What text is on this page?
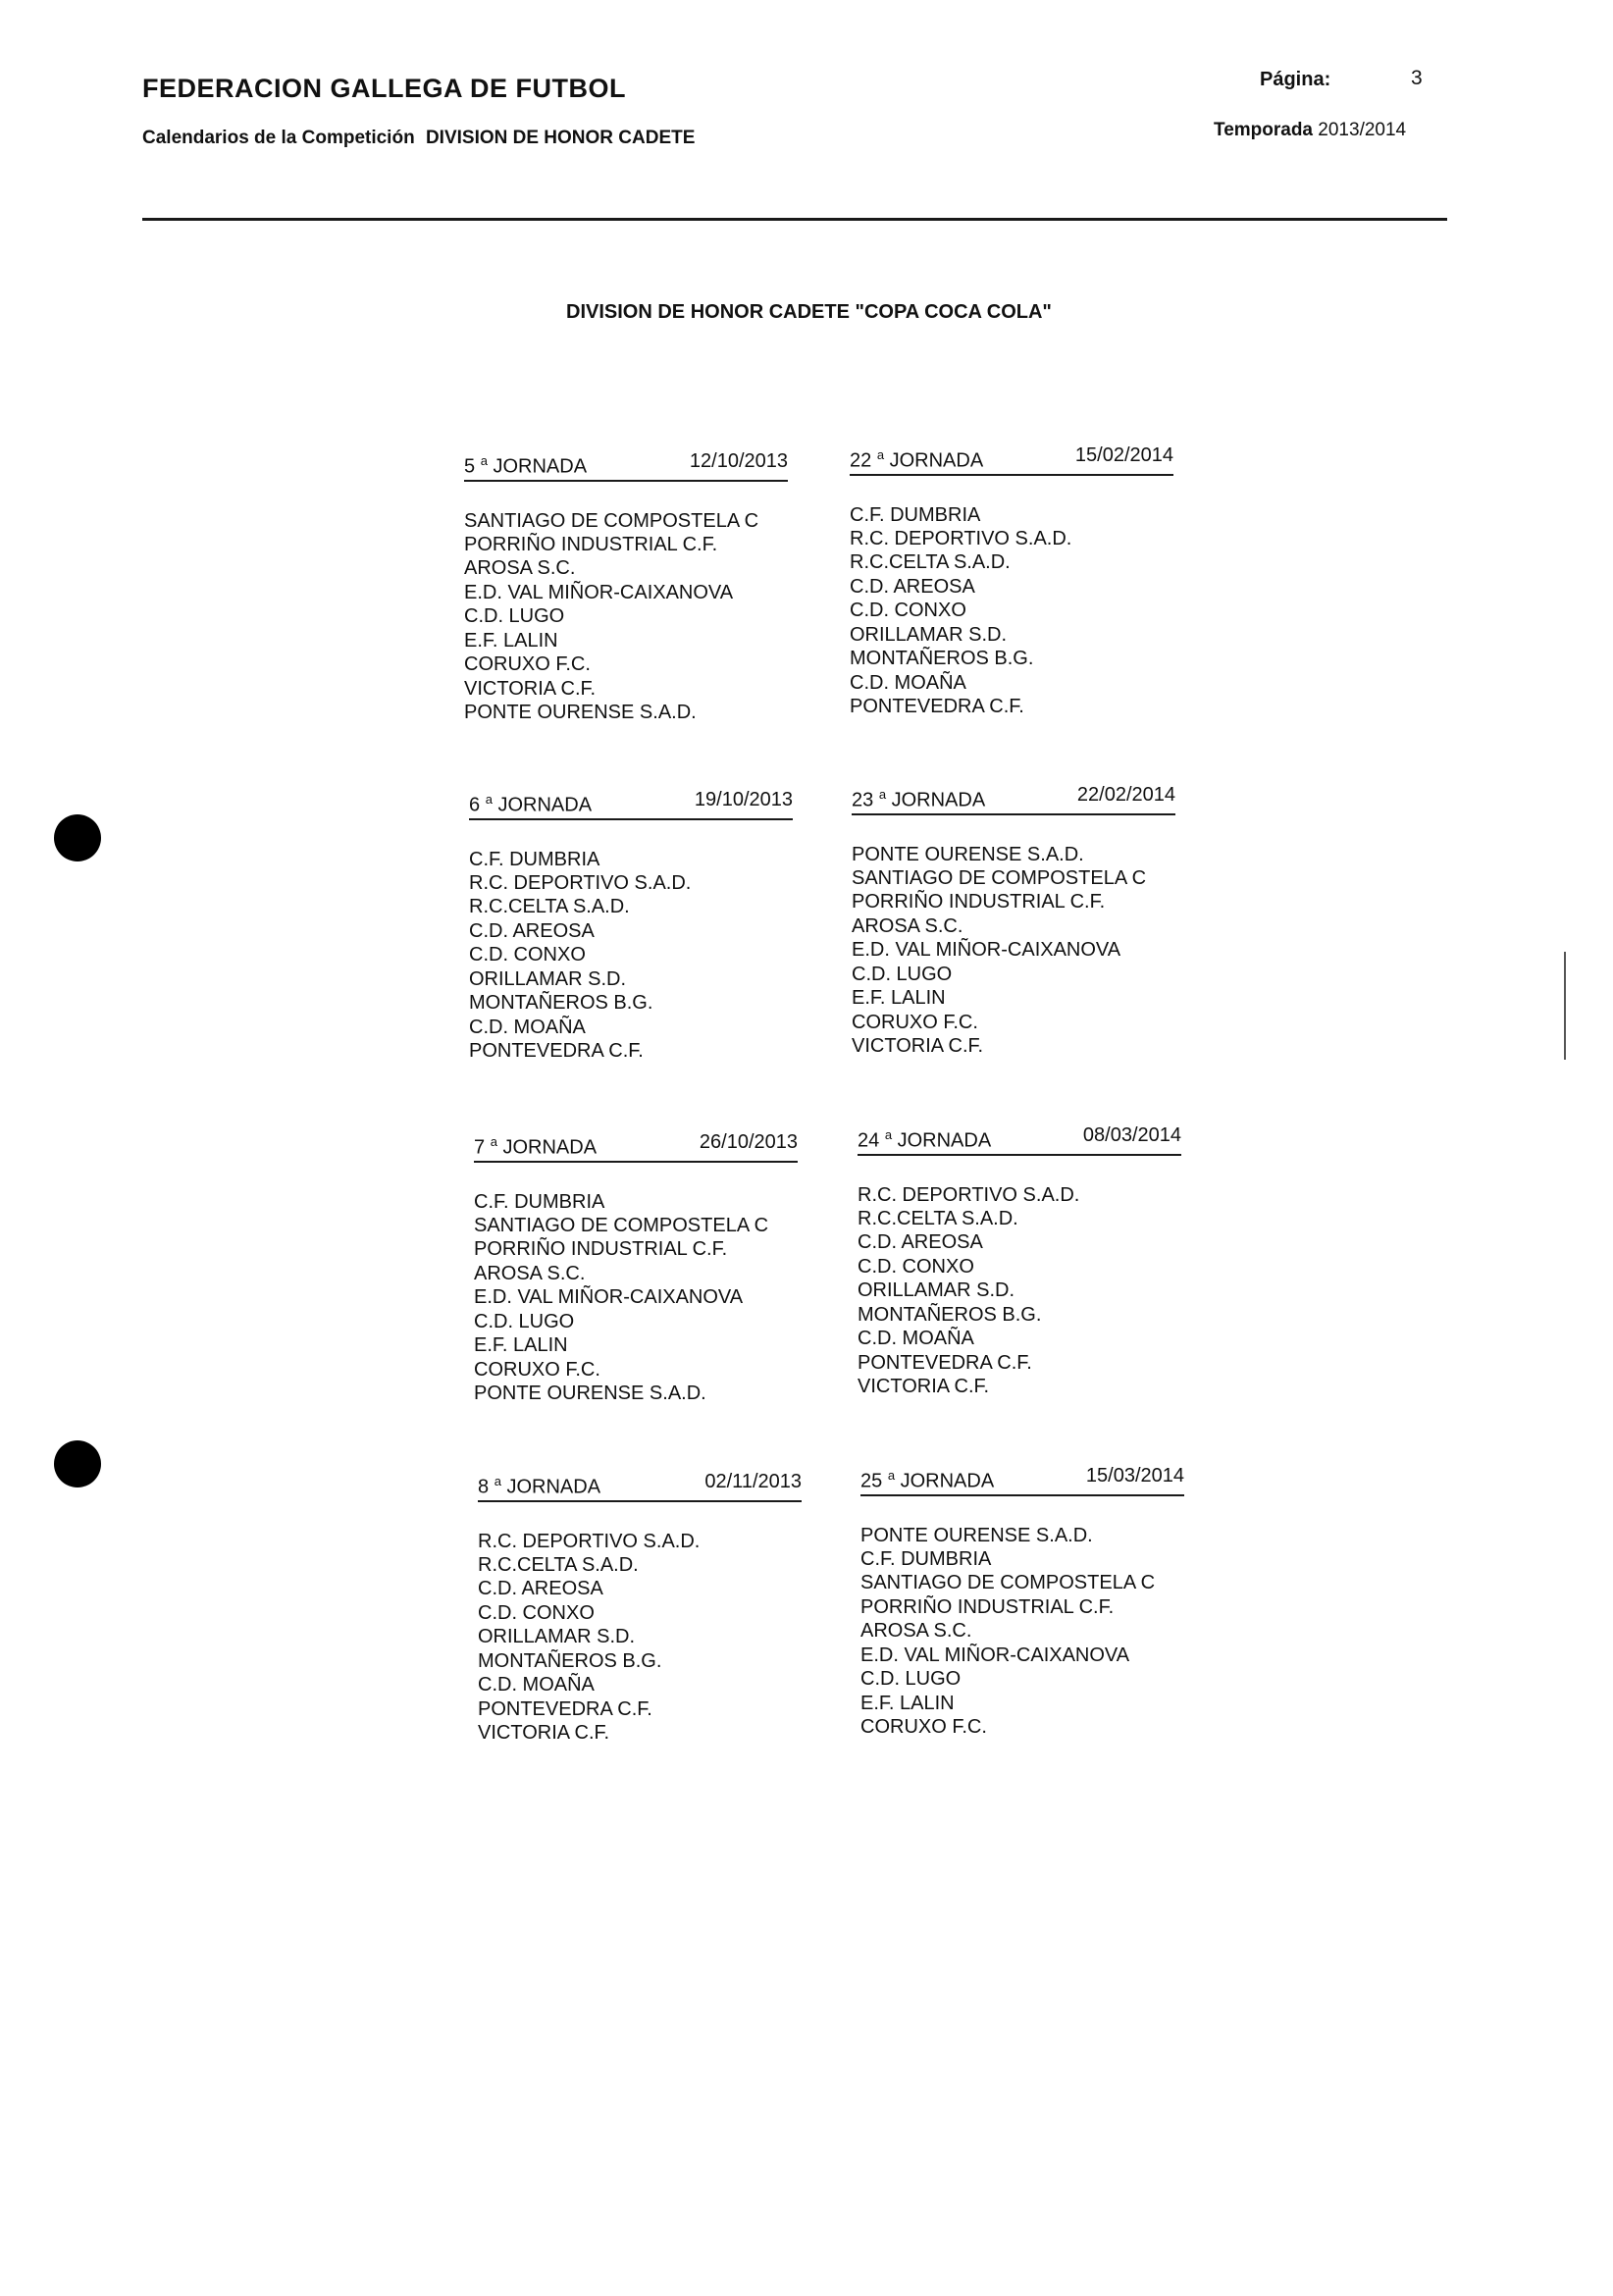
FEDERACION GALLEGA DE FUTBOL
Calendarios de la Competición DIVISION DE HONOR CADETE
Página:	3
Temporada 2013/2014
DIVISION DE HONOR CADETE "COPA COCA COLA"
5 $^a$ JORNADA	12/10/2013
SANTIAGO DE COMPOSTELA C
PORRIÑO INDUSTRIAL C.F.
AROSA S.C.
E.D. VAL MIÑOR-CAIXANOVA
C.D. LUGO
E.F. LALIN
CORUXO F.C.
VICTORIA C.F.
PONTE OURENSE S.A.D.
22 $^a$ JORNADA	15/02/2014
C.F. DUMBRIA
R.C. DEPORTIVO S.A.D.
R.C.CELTA S.A.D.
C.D. AREOSA
C.D. CONXO
ORILLAMAR S.D.
MONTAÑEROS B.G.
C.D. MOAÑA
PONTEVEDRA C.F.
6 $^a$ JORNADA	19/10/2013
C.F. DUMBRIA
R.C. DEPORTIVO S.A.D.
R.C.CELTA S.A.D.
C.D. AREOSA
C.D. CONXO
ORILLAMAR S.D.
MONTAÑEROS B.G.
C.D. MOAÑA
PONTEVEDRA C.F.
23 $^a$ JORNADA	22/02/2014
PONTE OURENSE S.A.D.
SANTIAGO DE COMPOSTELA C
PORRIÑO INDUSTRIAL C.F.
AROSA S.C.
E.D. VAL MIÑOR-CAIXANOVA
C.D. LUGO
E.F. LALIN
CORUXO F.C.
VICTORIA C.F.
7 $^a$ JORNADA	26/10/2013
C.F. DUMBRIA
SANTIAGO DE COMPOSTELA C
PORRIÑO INDUSTRIAL C.F.
AROSA S.C.
E.D. VAL MIÑOR-CAIXANOVA
C.D. LUGO
E.F. LALIN
CORUXO F.C.
PONTE OURENSE S.A.D.
24 $^a$ JORNADA	08/03/2014
R.C. DEPORTIVO S.A.D.
R.C.CELTA S.A.D.
C.D. AREOSA
C.D. CONXO
ORILLAMAR S.D.
MONTAÑEROS B.G.
C.D. MOAÑA
PONTEVEDRA C.F.
VICTORIA C.F.
8 $^a$ JORNADA	02/11/2013
R.C. DEPORTIVO S.A.D.
R.C.CELTA S.A.D.
C.D. AREOSA
C.D. CONXO
ORILLAMAR S.D.
MONTAÑEROS B.G.
C.D. MOAÑA
PONTEVEDRA C.F.
VICTORIA C.F.
25 $^a$ JORNADA	15/03/2014
PONTE OURENSE S.A.D.
C.F. DUMBRIA
SANTIAGO DE COMPOSTELA C
PORRIÑO INDUSTRIAL C.F.
AROSA S.C.
E.D. VAL MIÑOR-CAIXANOVA
C.D. LUGO
E.F. LALIN
CORUXO F.C.
